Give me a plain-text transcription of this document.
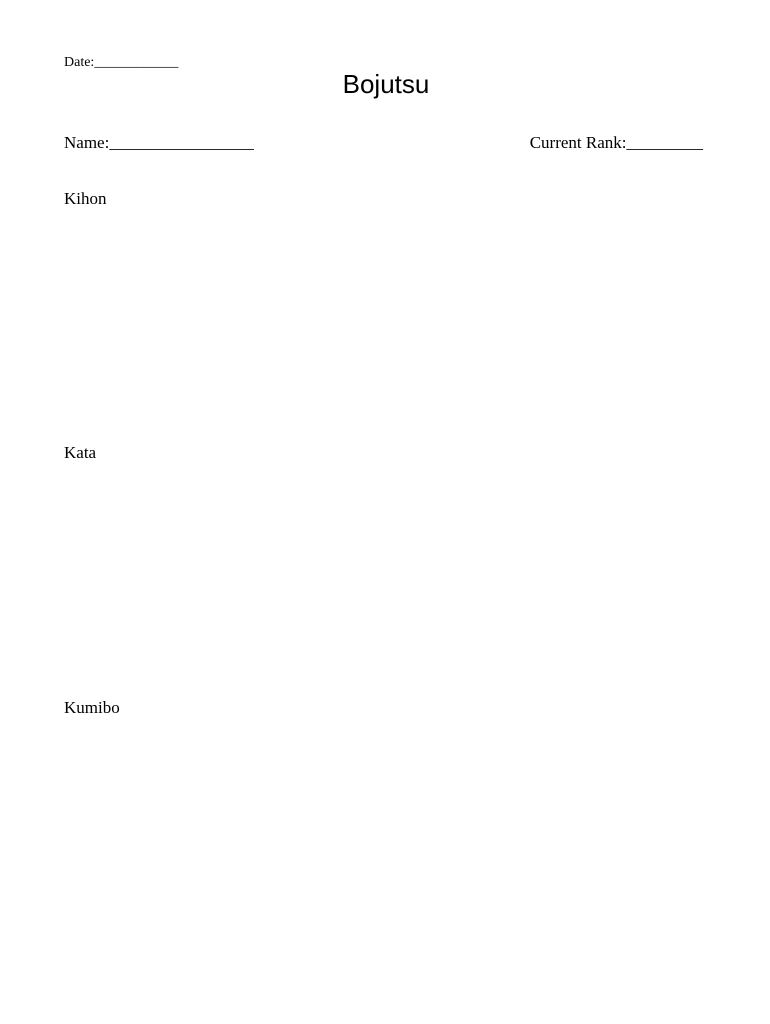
Date:____________
Bojutsu
Name:_________________	Current Rank:_________
Kihon
Kata
Kumibo
